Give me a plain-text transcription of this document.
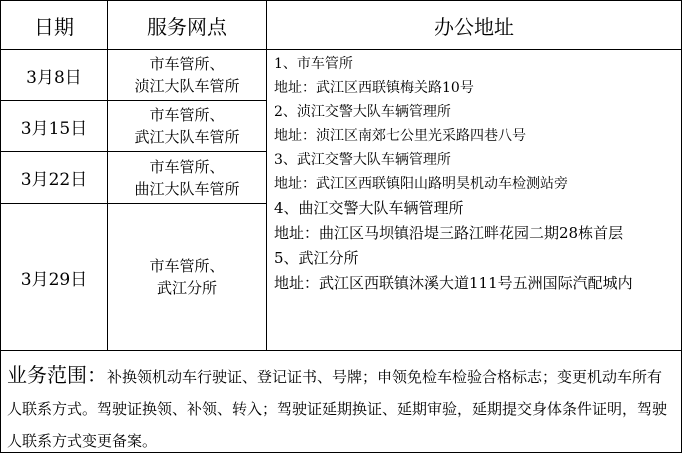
日期	服务网点	办公地址
3月8日
3月15日
3月22日
3月29日
市车管所、
浈江大队车管所
市车管所、
武江大队车管所
市车管所、
曲江大队车管所
市车管所、
武江分所
1、市车管所
地址：武江区西联镇梅关路10号
2、浈江交警大队车辆管理所
地址：浈江区南郊七公里光采路四巷八号
3、武江交警大队车辆管理所
地址：武江区西联镇阳山路明昊机动车检测站旁
4、曲江交警大队车辆管理所
地址：曲江区马坝镇沿堤三路江畔花园二期28栋首层
5、武江分所
地址：武江区西联镇沐溪大道111号五洲国际汽配城内
业务范围：补换领机动车行驶证、登记证书、号牌；申领免检车检验合格标志；变更机动车所有人联系方式。驾驶证换领、补领、转入；驾驶证延期换证、延期审验，延期提交身体条件证明，驾驶人联系方式变更备案。
